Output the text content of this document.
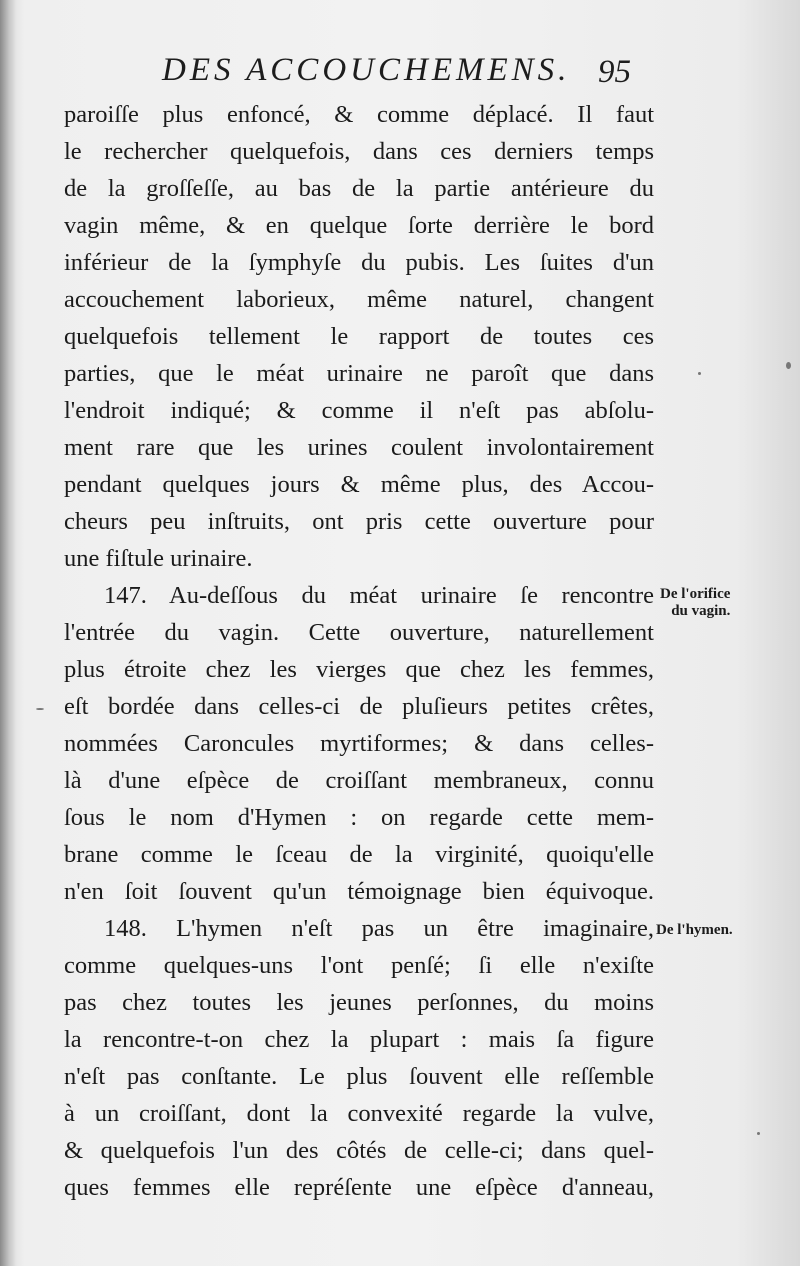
DES ACCOUCHEMENS. 95
paroiſſe plus enfoncé, & comme déplacé. Il faut
le rechercher quelquefois, dans ces derniers temps
de la groſſeſſe, au bas de la partie antérieure du
vagin même, & en quelque ſorte derrière le bord
inférieur de la ſymphyſe du pubis. Les ſuites d'un
accouchement laborieux, même naturel, changent
quelquefois tellement le rapport de toutes ces
parties, que le méat urinaire ne paroît que dans
l'endroit indiqué; & comme il n'eſt pas abſolu-
ment rare que les urines coulent involontairement
pendant quelques jours & même plus, des Accou-
cheurs peu inſtruits, ont pris cette ouverture pour
une fiſtule urinaire.
147. Au-deſſous du méat urinaire ſe rencontre
l'entrée du vagin. Cette ouverture, naturellement
plus étroite chez les vierges que chez les femmes,
eſt bordée dans celles-ci de pluſieurs petites crêtes,
nommées Caroncules myrtiformes; & dans celles-
là d'une eſpèce de croiſſant membraneux, connu
ſous le nom d'Hymen : on regarde cette mem-
brane comme le ſceau de la virginité, quoiqu'elle
n'en ſoit ſouvent qu'un témoignage bien équivoque.
148. L'hymen n'eſt pas un être imaginaire,
comme quelques-uns l'ont penſé; ſi elle n'exiſte
pas chez toutes les jeunes perſonnes, du moins
la rencontre-t-on chez la plupart : mais ſa figure
n'eſt pas conſtante. Le plus ſouvent elle reſſemble
à un croiſſant, dont la convexité regarde la vulve,
& quelquefois l'un des côtés de celle-ci; dans quel-
ques femmes elle repréſente une eſpèce d'anneau,
De l'orifice
du vagin.
De l'hymen.
